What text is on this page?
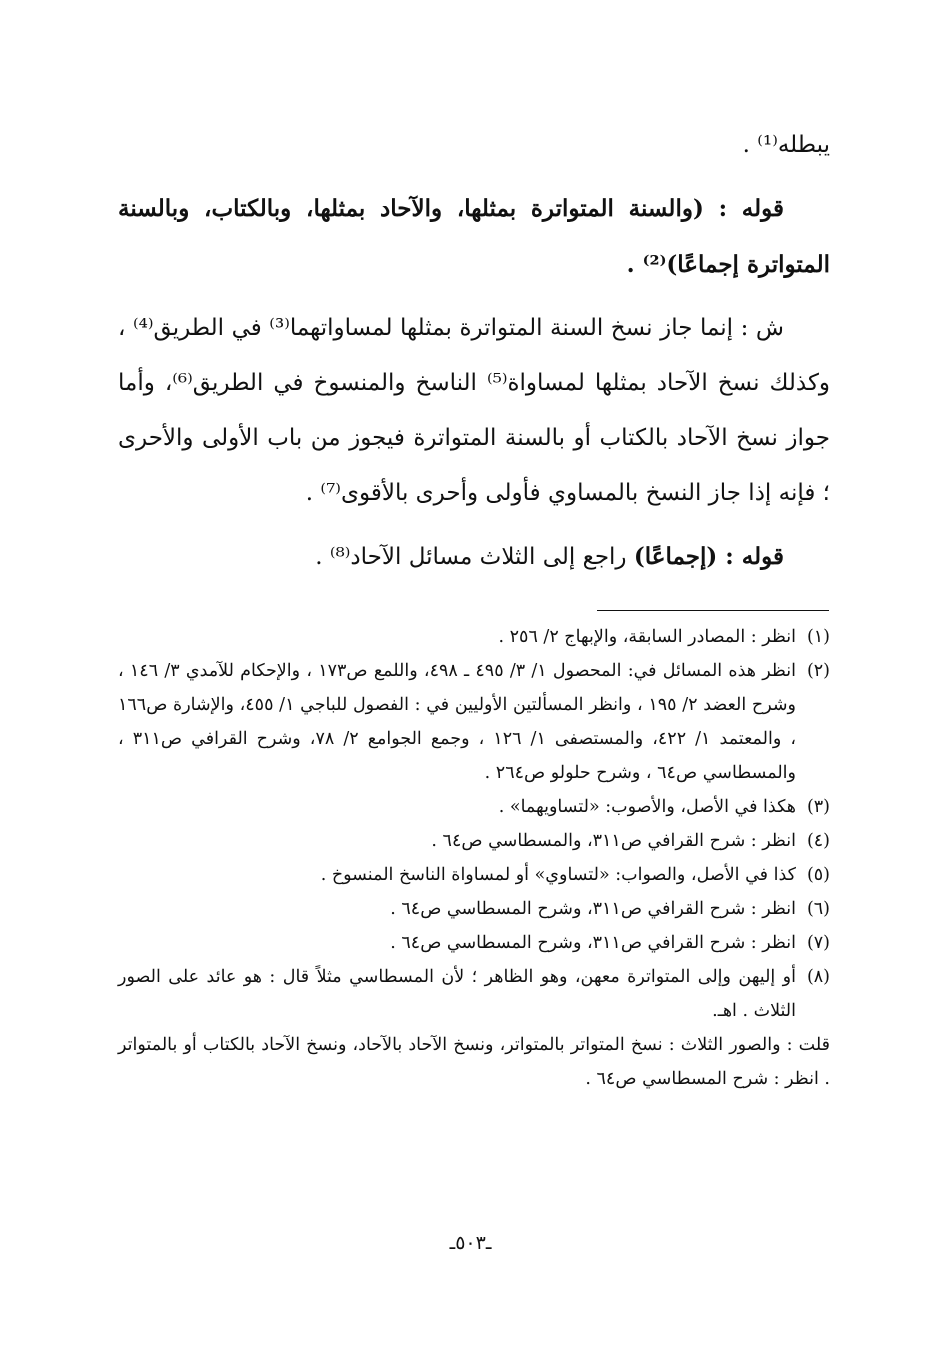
يبطله⁽¹⁾ .

قوله : (والسنة المتواترة بمثلها، والآحاد بمثلها، وبالكتاب، وبالسنة المتواترة إجماعًا)⁽²⁾ .

ش : إنما جاز نسخ السنة المتواترة بمثلها لمساواتهما⁽³⁾ في الطريق⁽⁴⁾ ، وكذلك نسخ الآحاد بمثلها لمساواة⁽⁵⁾ الناسخ والمنسوخ في الطريق⁽⁶⁾، وأما جواز نسخ الآحاد بالكتاب أو بالسنة المتواترة فيجوز من باب الأولى والأحرى ؛ فإنه إذا جاز النسخ بالمساوي فأولى وأحرى بالأقوى⁽⁷⁾ .

قوله : (إجماعًا) راجع إلى الثلاث مسائل الآحاد⁽⁸⁾ .

(١)
انظر : المصادر السابقة، والإبهاج ٢/ ٢٥٦ .
(٢)
انظر هذه المسائل في: المحصول ١/ ٣/ ٤٩٥ ـ ٤٩٨، واللمع ص١٧٣ ، والإحكام للآمدي ٣/ ١٤٦ ، وشرح العضد ٢/ ١٩٥ ، وانظر المسألتين الأوليين في : الفصول للباجي ١/ ٤٥٥، والإشارة ص١٦٦ ، والمعتمد ١/ ٤٢٢، والمستصفى ١/ ١٢٦ ، وجمع الجوامع ٢/ ٧٨، وشرح القرافي ص٣١١ ، والمسطاسي ص٦٤ ، وشرح حلولو ص٢٦٤ .
(٣)
هكذا في الأصل، والأصوب: «لتساويهما» .
(٤)
انظر : شرح القرافي ص٣١١، والمسطاسي ص٦٤ .
(٥)
كذا في الأصل، والصواب: «لتساوي» أو لمساواة الناسخ المنسوخ .
(٦)
انظر : شرح القرافي ص٣١١، وشرح المسطاسي ص٦٤ .
(٧)
انظر : شرح القرافي ص٣١١، وشرح المسطاسي ص٦٤ .
(٨)
أو إليهن وإلى المتواترة معهن، وهو الظاهر ؛ لأن المسطاسي مثلاً قال : هو عائد على الصور الثلاث . اهـ.
قلت : والصور الثلاث : نسخ المتواتر بالمتواتر، ونسخ الآحاد بالآحاد، ونسخ الآحاد بالكتاب أو بالمتواتر . انظر : شرح المسطاسي ص٦٤ .
ـ٥٠٣ـ
